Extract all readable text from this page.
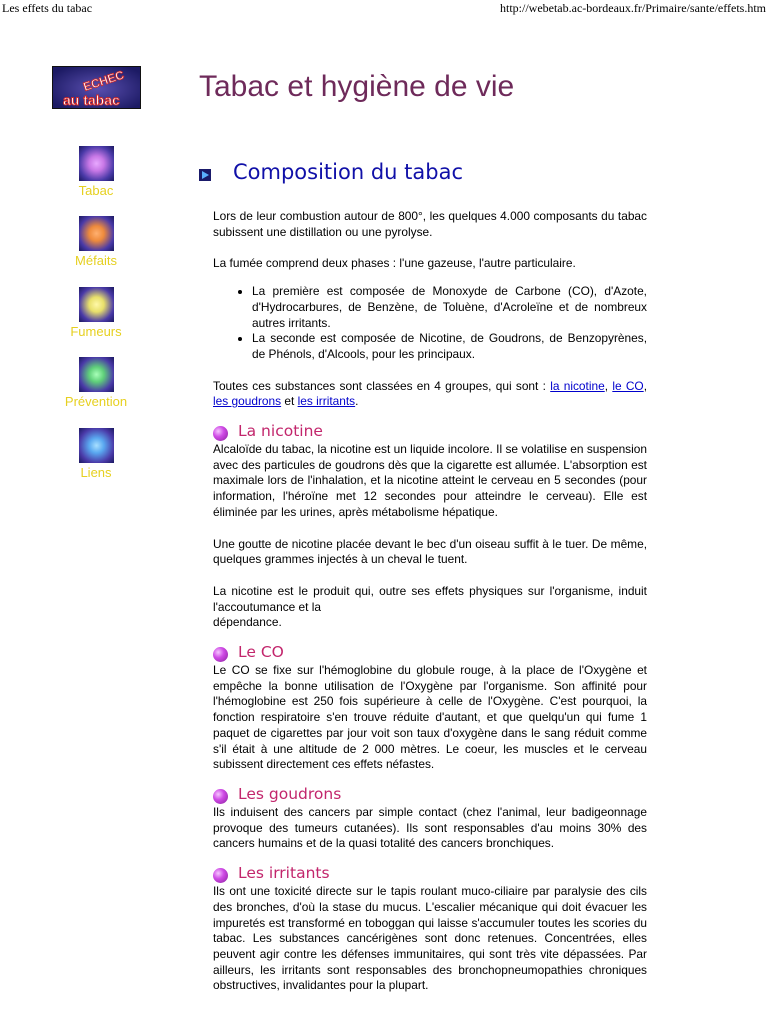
Les effets du tabac	http://webetab.ac-bordeaux.fr/Primaire/sante/effets.htm
ECHEC
au tabac	Tabac et hygiène de vie
Tabac
Méfaits
Fumeurs
Prévention
Liens
Composition du tabac

Lors de leur combustion autour de 800°, les quelques 4.000 composants du tabac subissent une distillation ou une pyrolyse.

La fumée comprend deux phases : l'une gazeuse, l'autre particulaire.

• La première est composée de Monoxyde de Carbone (CO), d'Azote, d'Hydrocarbures, de Benzène, de Toluène, d'Acroleïne et de nombreux autres irritants.
• La seconde est composée de Nicotine, de Goudrons, de Benzopyrènes, de Phénols, d'Alcools, pour les principaux.

Toutes ces substances sont classées en 4 groupes, qui sont : la nicotine, le CO, les goudrons et les irritants.

La nicotine

Alcaloïde du tabac, la nicotine est un liquide incolore. Il se volatilise en suspension avec des particules de goudrons dès que la cigarette est allumée. L'absorption est maximale lors de l'inhalation, et la nicotine atteint le cerveau en 5 secondes (pour information, l'héroïne met 12 secondes pour atteindre le cerveau). Elle est éliminée par les urines, après métabolisme hépatique.

Une goutte de nicotine placée devant le bec d'un oiseau suffit à le tuer. De même, quelques grammes injectés à un cheval le tuent.

La nicotine est le produit qui, outre ses effets physiques sur l'organisme, induit l'accoutumance et la
dépendance.

Le CO

Le CO se fixe sur l'hémoglobine du globule rouge, à la place de l'Oxygène et empêche la bonne utilisation de l'Oxygène par l'organisme. Son affinité pour l'hémoglobine est 250 fois supérieure à celle de l'Oxygène. C'est pourquoi, la fonction respiratoire s'en trouve réduite d'autant, et que quelqu'un qui fume 1 paquet de cigarettes par jour voit son taux d'oxygène dans le sang réduit comme s'il était à une altitude de 2 000 mètres. Le coeur, les muscles et le cerveau subissent directement ces effets néfastes.

Les goudrons

Ils induisent des cancers par simple contact (chez l'animal, leur badigeonnage provoque des tumeurs cutanées). Ils sont responsables d'au moins 30% des cancers humains et de la quasi totalité des cancers bronchiques.

Les irritants

Ils ont une toxicité directe sur le tapis roulant muco-ciliaire par paralysie des cils des bronches, d'où la stase du mucus. L'escalier mécanique qui doit évacuer les impuretés est transformé en toboggan qui laisse s'accumuler toutes les scories du tabac. Les substances cancérigènes sont donc retenues. Concentrées, elles peuvent agir contre les défenses immunitaires, qui sont très vite dépassées. Par ailleurs, les irritants sont responsables des bronchopneumopathies chroniques obstructives, invalidantes pour la plupart.
